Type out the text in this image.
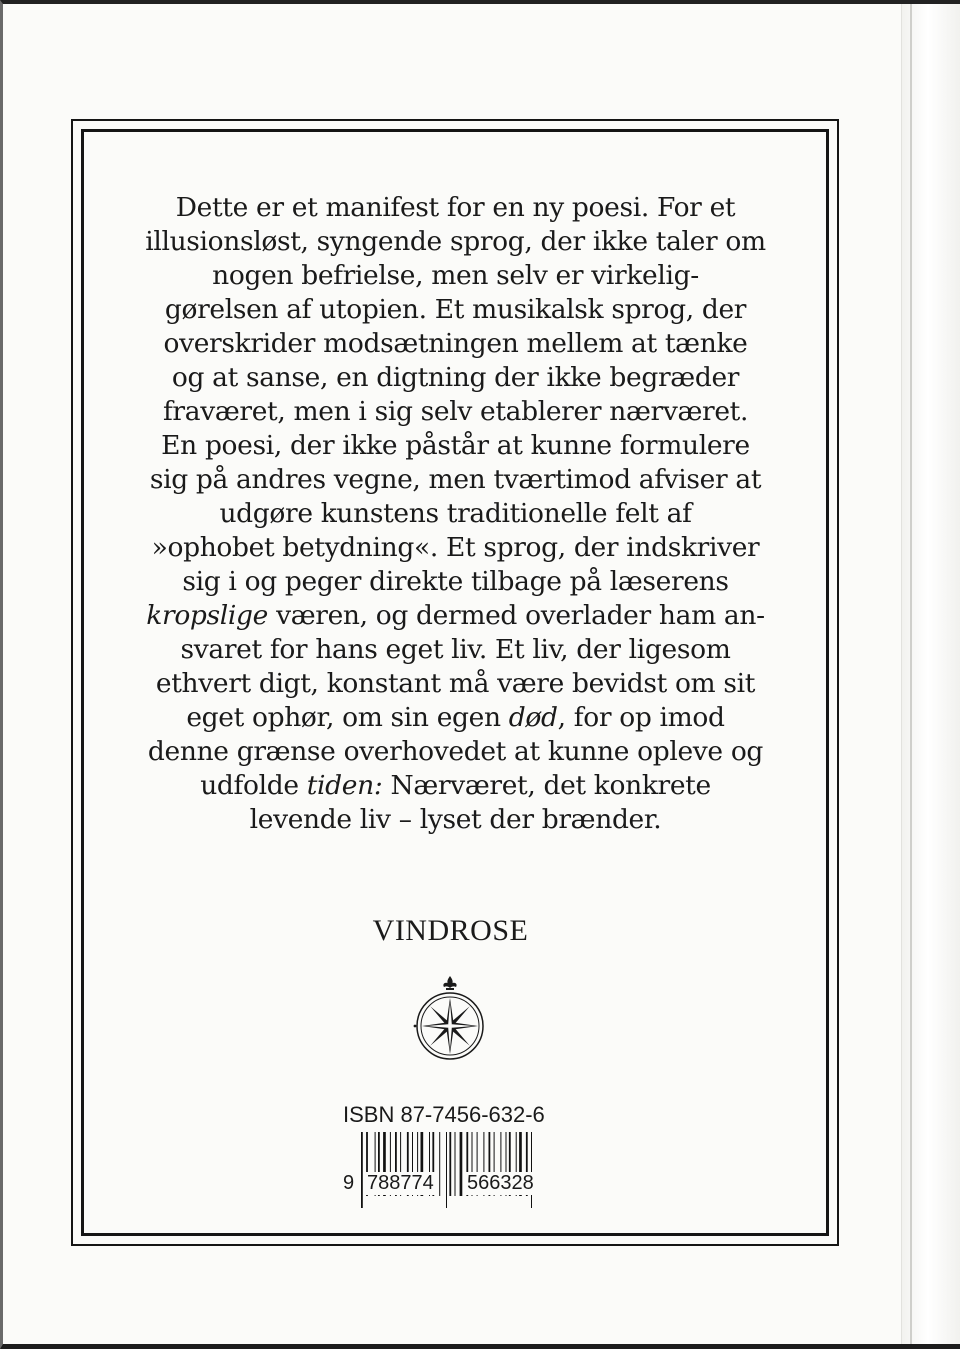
Dette er et manifest for en ny poesi. For et
illusionsløst, syngende sprog, der ikke taler om
nogen befrielse, men selv er virkelig-
gørelsen af utopien. Et musikalsk sprog, der
overskrider modsætningen mellem at tænke
og at sanse, en digtning der ikke begræder
fraværet, men i sig selv etablerer nærværet.
En poesi, der ikke påstår at kunne formulere
sig på andres vegne, men tværtimod afviser at
udgøre kunstens traditionelle felt af
»ophobet betydning«. Et sprog, der indskriver
sig i og peger direkte tilbage på læserens
kropslige væren, og dermed overlader ham an-
svaret for hans eget liv. Et liv, der ligesom
ethvert digt, konstant må være bevidst om sit
eget ophør, om sin egen død, for op imod
denne grænse overhovedet at kunne opleve og
udfolde tiden: Nærværet, det konkrete
levende liv – lyset der brænder.

VINDROSE
ISBN 87-7456-632-6
9 788774 566328
